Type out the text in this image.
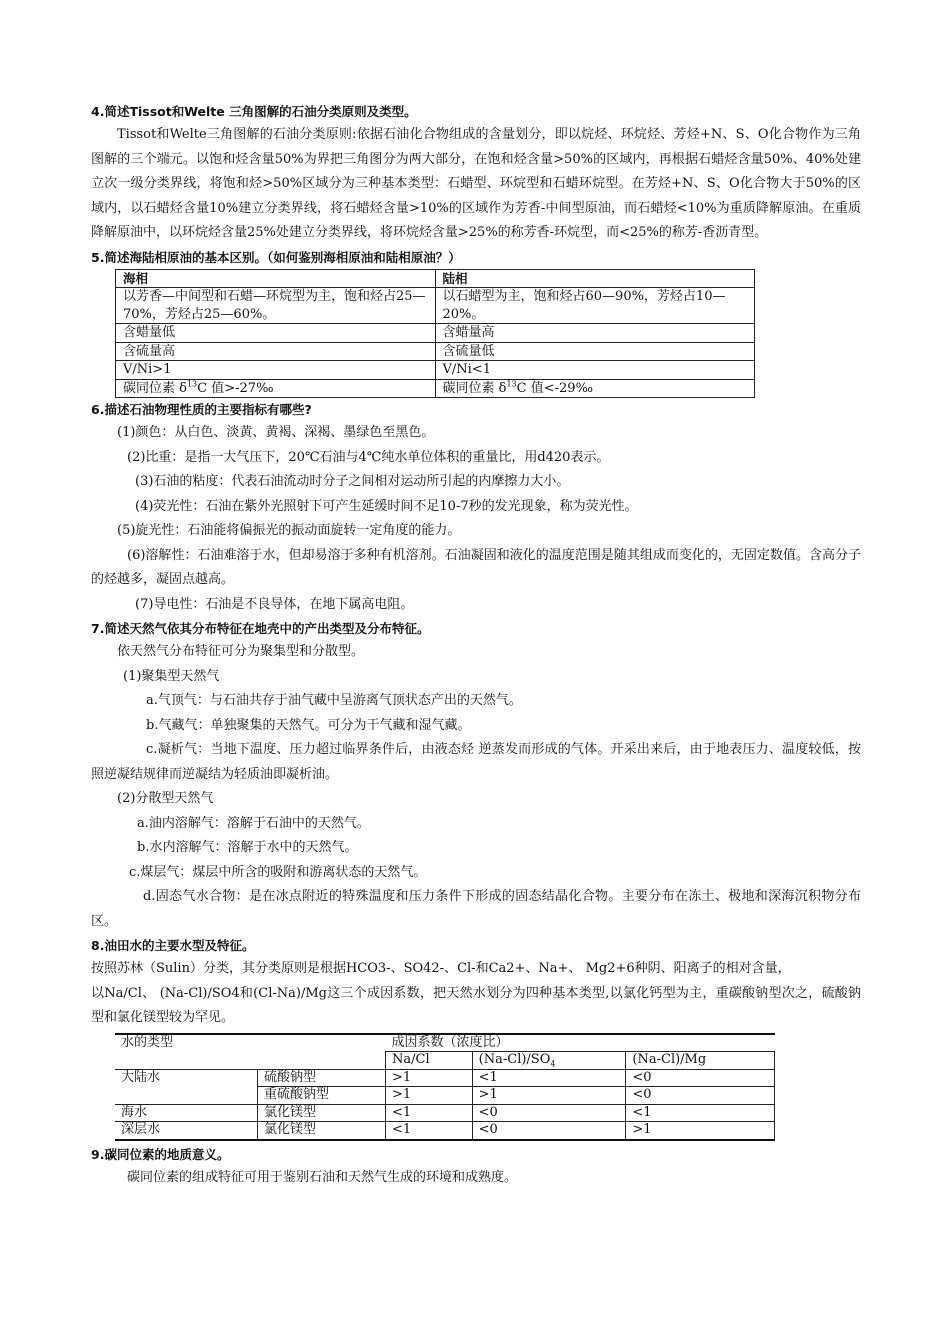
4.简述Tissot和Welte 三角图解的石油分类原则及类型。

Tissot和Welte三角图解的石油分类原则:依据石油化合物组成的含量划分，即以烷烃、环烷烃、芳烃+N、S、O化合物作为三角图解的三个端元。以饱和烃含量50%为界把三角图分为两大部分，在饱和烃含量>50%的区域内，再根据石蜡烃含量50%、40%处建立次一级分类界线，将饱和烃>50%区域分为三种基本类型：石蜡型、环烷型和石蜡环烷型。在芳烃+N、S、O化合物大于50%的区域内，以石蜡烃含量10%建立分类界线，将石蜡烃含量>10%的区域作为芳香-中间型原油，而石蜡烃<10%为重质降解原油。在重质降解原油中，以环烷烃含量25%处建立分类界线，将环烷烃含量>25%的称芳香-环烷型，而<25%的称芳-香沥青型。

5.简述海陆相原油的基本区别。（如何鉴别海相原油和陆相原油？）

海相	陆相
以芳香—中间型和石蜡—环烷型为主，饱和烃占25—70%，芳烃占25—60%。	以石蜡型为主，饱和烃占60—90%，芳烃占10—20%。
含蜡量低	含蜡量高
含硫量高	含硫量低
V/Ni>1	V/Ni<1
碳同位素 $\delta^{13}C$ 值>-27‰	碳同位素 $\delta^{13}C$ 值<-29‰

6.描述石油物理性质的主要指标有哪些?

(1)颜色：从白色、淡黄、黄褐、深褐、墨绿色至黑色。

(2)比重：是指一大气压下，20℃石油与4℃纯水单位体积的重量比，用d420表示。

(3)石油的粘度：代表石油流动时分子之间相对运动所引起的内摩擦力大小。

(4)荧光性：石油在紫外光照射下可产生延缓时间不足10-7秒的发光现象，称为荧光性。

(5)旋光性：石油能将偏振光的振动面旋转一定角度的能力。

(6)溶解性：石油难溶于水，但却易溶于多种有机溶剂。石油凝固和液化的温度范围是随其组成而变化的，无固定数值。含高分子的烃越多，凝固点越高。

(7)导电性：石油是不良导体，在地下属高电阻。

7.简述天然气依其分布特征在地壳中的产出类型及分布特征。

依天然气分布特征可分为聚集型和分散型。

(1)聚集型天然气

a.气顶气：与石油共存于油气藏中呈游离气顶状态产出的天然气。

b.气藏气：单独聚集的天然气。可分为干气藏和湿气藏。

c.凝析气：当地下温度、压力超过临界条件后，由液态烃 逆蒸发而形成的气体。开采出来后，由于地表压力、温度较低，按照逆凝结规律而逆凝结为轻质油即凝析油。

(2)分散型天然气

a.油内溶解气：溶解于石油中的天然气。

b.水内溶解气：溶解于水中的天然气。

c.煤层气：煤层中所含的吸附和游离状态的天然气。

d.固态气水合物：是在冰点附近的特殊温度和压力条件下形成的固态结晶化合物。主要分布在冻土、极地和深海沉积物分布区。

8.油田水的主要水型及特征。

按照苏林（Sulin）分类，其分类原则是根据HCO3-、SO42-、Cl-和Ca2+、Na+、 Mg2+6种阴、阳离子的相对含量，

以Na/Cl、 (Na-Cl)/SO4和(Cl-Na)/Mg这三个成因系数，把天然水划分为四种基本类型,以氯化钙型为主，重碳酸钠型次之，硫酸钠型和氯化镁型较为罕见。

水的类型		成因系数（浓度比）		
		Na/Cl	$(Na-Cl)/SO_4$	(Na-Cl)/Mg
大陆水	硫酸钠型	>1	<1	<0
	重硫酸钠型	>1	>1	<0
海水	氯化镁型	<1	<0	<1
深层水	氯化镁型	<1	<0	>1

9.碳同位素的地质意义。

碳同位素的组成特征可用于鉴别石油和天然气生成的环境和成熟度。
